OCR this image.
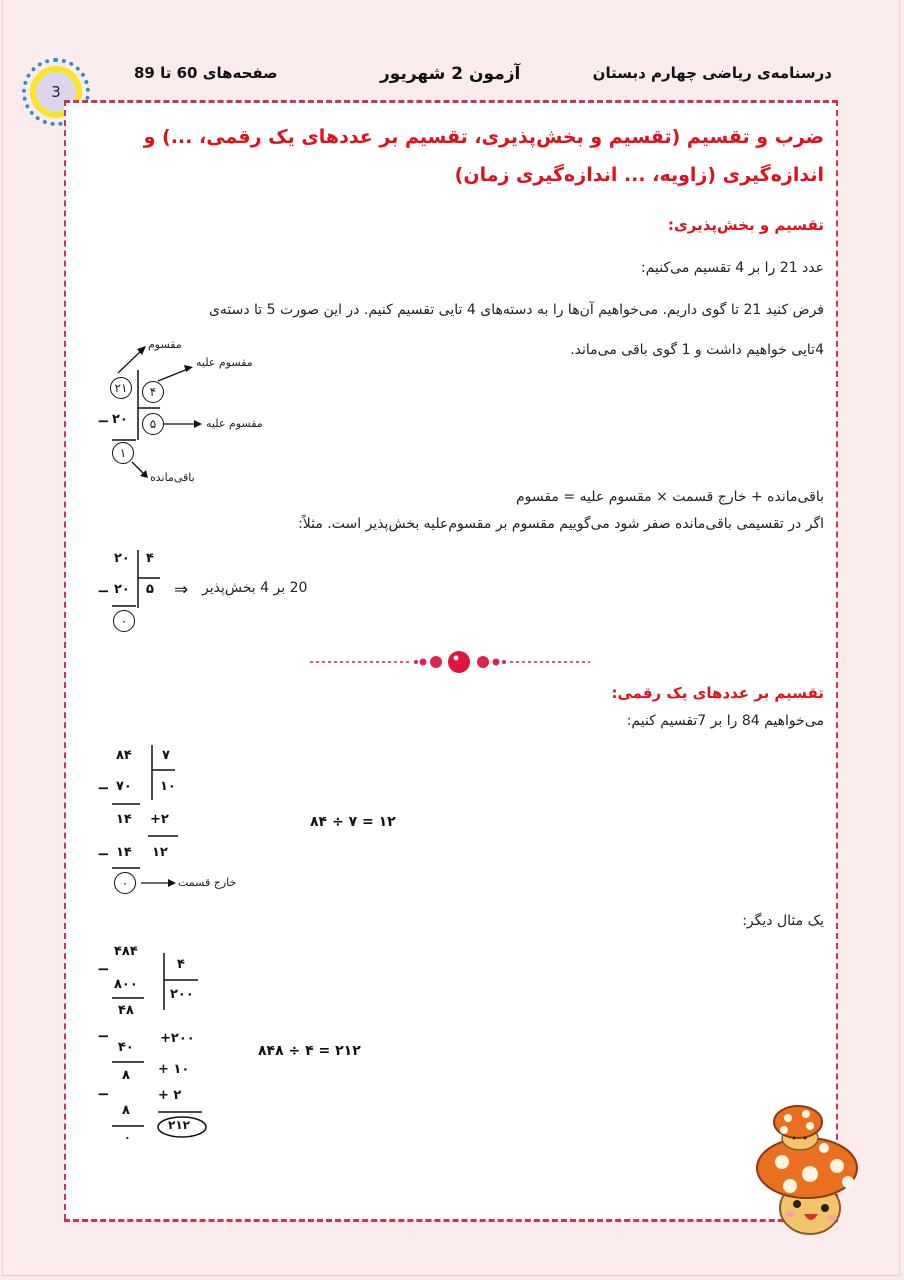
3
صفحه‌های 60 تا 89	آزمون 2 شهریور	درسنامه‌ی ریاضی چهارم دبستان
ضرب و تقسیم (تقسیم و بخش‌پذیری، تقسیم بر عددهای یک رقمی، ...) و اندازه‌گیری (زاویه، ... اندازه‌گیری زمان)
تقسیم و بخش‌پذیری:
عدد 21 را بر 4 تقسیم می‌کنیم:
فرض کنید 21 تا گوی داریم. می‌خواهیم آن‌ها را به دسته‌های 4 تایی تقسیم کنیم. در این صورت 5 تا دسته‌ی
4تایی خواهیم داشت و 1 گوی باقی می‌ماند.
۲۱	۴
− ۲۰	۵
۱
مقسوم
مقسوم علیه
مقسوم علیه
باقی‌مانده
باقی‌مانده + خارج قسمت × مقسوم علیه = مقسوم
اگر در تقسیمی باقی‌مانده صفر شود می‌گوییم مقسوم بر مقسوم‌علیه بخش‌پذیر است. مثلاً:
۲۰ ۴
− ۲۰ ۵
۰
⇒ 20 بر 4 بخش‌پذیر
تقسیم بر عددهای یک رقمی:
می‌خواهیم 84 را بر 7تقسیم کنیم:
۸۴ ۷
− ۷۰ ۱۰
۱۴ +۲
− ۱۴ ۱۲
۰	خارج قسمت
۸۴ ÷ ۷ = ۱۲
یک مثال دیگر:
−
۴۸۴
۴
۸۰۰
۲۰۰
۴۸
−	+۲۰۰
۴۰
+ ۱۰
۸
−	+ ۲
۸
۰
۲۱۲
۸۴۸ ÷ ۴ = ۲۱۲
